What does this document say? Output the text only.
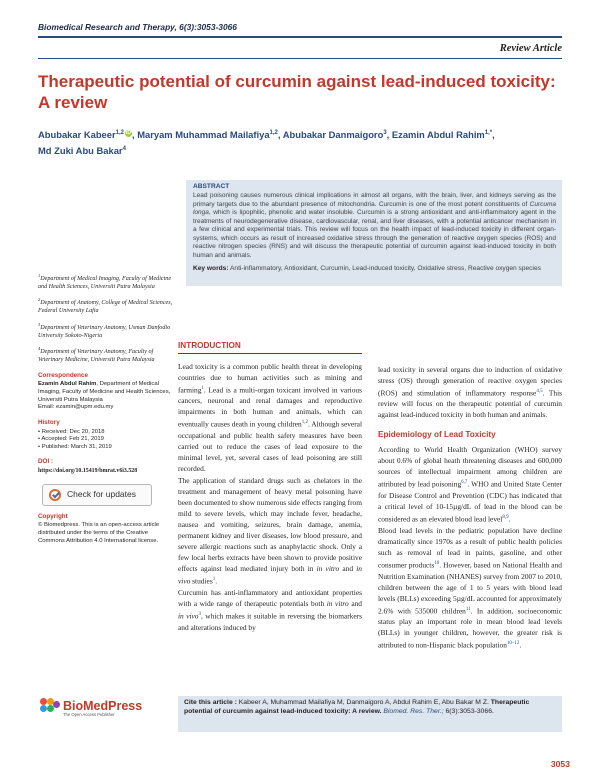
Biomedical Research and Therapy, 6(3):3053-3066
Review Article
Therapeutic potential of curcumin against lead-induced toxicity: A review
Abubakar Kabeer$^{1,2}$ iD, Maryam Muhammad Mailafiya$^{1,2}$, Abubakar Danmaigoro$^3$, Ezamin Abdul Rahim$^{1,*}$,
Md Zuki Abu Bakar$^4$
ABSTRACT
Lead poisoning causes numerous clinical implications in almost all organs, with the brain, liver, and kidneys serving as the primary targets due to the abundant presence of mitochondria. Curcumin is one of the most potent constituents of Curcuma longa, which is lipophilic, phenolic and water insoluble. Curcumin is a strong antioxidant and anti-inflammatory agent in the treatments of neurodegenerative disease, cardiovascular, renal, and liver diseases, with a potential anticancer mechanism in a few clinical and experimental trials. This review will focus on the health impact of lead-induced toxicity in different organ-systems, which occurs as result of increased oxidative stress through the generation of reactive oxygen species (ROS) and reactive nitrogen species (RNS) and will discuss the therapeutic potential of curcumin against lead-induced toxicity in both human and animals.
Key words: Anti-inflammatory, Antioxidant, Curcumin, Lead-induced toxicity, Oxidative stress, Reactive oxygen species
$^1$Department of Medical Imaging, Faculty of Medicine and Health Sciences, Universiti Putra Malaysia
$^2$Department of Anatomy, College of Medical Sciences, Federal University Lafia
$^3$Department of Veterinary Anatomy, Usman Danfodio University Sokoto-Nigeria
$^4$Department of Veterinary Anatomy, Faculty of Veterinary Medicine, Universiti Putra Malaysia
Correspondence
Ezamin Abdul Rahim, Department of Medical Imaging, Faculty of Medicine and Health Sciences, Universiti Putra Malaysia
Email: ezamin@upm.edu.my
History
• Received: Dec 20, 2018
• Accepted: Feb 21, 2019
• Published: March 31, 2019
DOI :
https://doi.org/10.15419/bmrat.v6i3.528
Check for updates
Copyright
© Biomedpress. This is an open-access article distributed under the terms of the Creative Commons Attribution 4.0 International license.
BioMedPress
The Open Access Publisher
INTRODUCTION

Lead toxicity is a common public health threat in developing countries due to human activities such as mining and farming$^1$. Lead is a multi-organ toxicant involved in various cancers, neuronal and renal damages and reproductive impairments in both human and animals, which can eventually causes death in young children$^{1,2}$. Although several occupational and public health safety measures have been carried out to reduce the cases of lead exposure to the minimal level, yet, several cases of lead poisoning are still recorded.

The application of standard drugs such as chelators in the treatment and management of heavy metal poisoning have been documented to show numerous side effects ranging from mild to severe levels, which may include fever, headache, nausea and vomiting, seizures, brain damage, anemia, permanent kidney and liver diseases, low blood pressure, and severe allergic reactions such as anaphylactic shock. Only a few local herbs extracts have been shown to provide positive effects against lead mediated injury both in in vitro and in vivo studies$^1$.

Curcumin has anti-inflammatory and antioxidant properties with a wide range of therapeutic potentials both in vitro and in vivo$^3$, which makes it suitable in reversing the biomarkers and alterations induced by

lead toxicity in several organs due to induction of oxidative stress (OS) through generation of reactive oxygen species (ROS) and stimulation of inflammatory response$^{4,5}$. This review will focus on the therapeutic potential of curcumin against lead-induced toxicity in both human and animals.

Epidemiology of Lead Toxicity

According to World Health Organization (WHO) survey about 0.6% of global heath threatening diseases and 600,000 sources of intellectual impairment among children are attributed by lead poisoning$^{6,7}$. WHO and United State Center for Disease Control and Prevention (CDC) has indicated that a critical level of 10-15µg/dL of lead in the blood can be considered as an elevated blood lead level$^{8,9}$.

Blood lead levels in the pediatric population have decline dramatically since 1970s as a result of public health policies such as removal of lead in paints, gasoline, and other consumer products$^{10}$. However, based on National Health and Nutrition Examination (NHANES) survey from 2007 to 2010, children between the age of 1 to 5 years with blood lead levels (BLLs) exceeding 5µg/dL accounted for approximately 2.6% with 535000 children$^{11}$. In addition, socioeconomic status play an important role in mean blood lead levels (BLLs) in younger children, however, the greater risk is attributed to non-Hispanic black population$^{10-12}$.

Cite this article : Kabeer A, Muhammad Mailafiya M, Danmaigoro A, Abdul Rahim E, Abu Bakar M Z. Therapeutic potential of curcumin against lead-induced toxicity: A review. Biomed. Res. Ther.; 6(3):3053-3066.
3053
